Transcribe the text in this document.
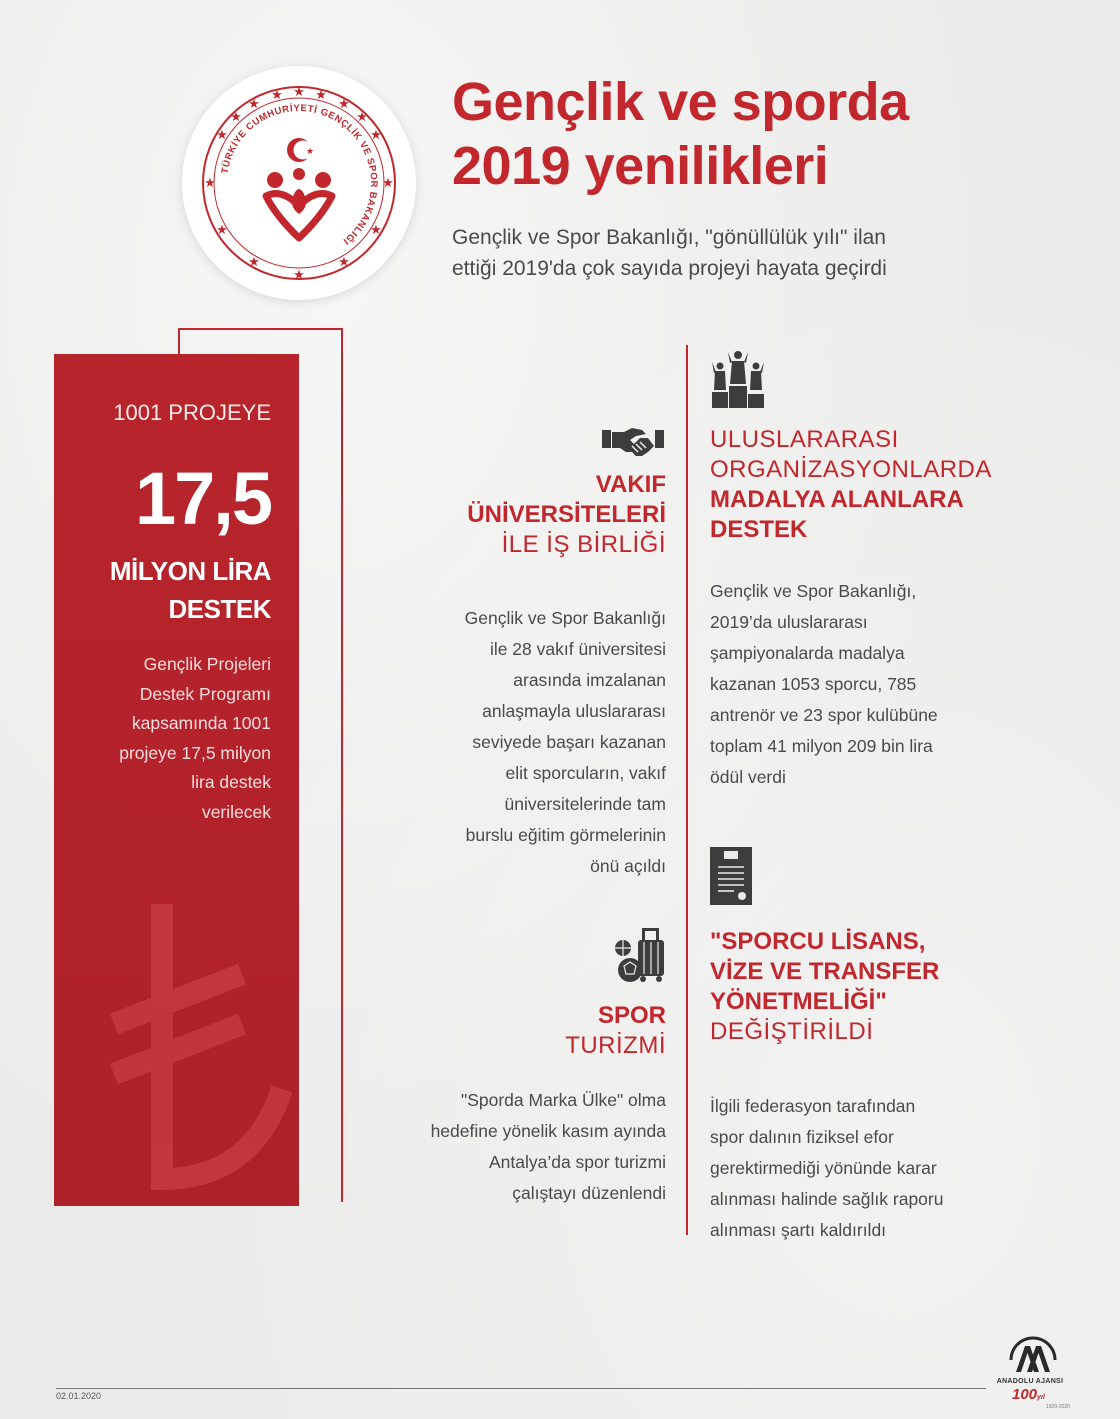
★
★
★
★
★
★
★
★
★
★
★
★
★
★
★
★
TÜRKİYE CUMHURİYETİ GENÇLİK VE SPOR BAKANLIĞI
★
Gençlik ve sporda
2019 yenilikleri
Gençlik ve Spor Bakanlığı, "gönüllülük yılı" ilan
ettiği 2019'da çok sayıda projeyi hayata geçirdi
1001 PROJEYE
17,5
MİLYON LİRA
DESTEK
Gençlik Projeleri
Destek Programı
kapsamında 1001
projeye 17,5 milyon
lira destek
verilecek
VAKIF
ÜNİVERSİTELERİ
İLE İŞ BİRLİĞİ
Gençlik ve Spor Bakanlığı
ile 28 vakıf üniversitesi
arasında imzalanan
anlaşmayla uluslararası
seviyede başarı kazanan
elit sporcuların, vakıf
üniversitelerinde tam
burslu eğitim görmelerinin
önü açıldı
ULUSLARARASI
ORGANİZASYONLARDA
MADALYA ALANLARA
DESTEK
Gençlik ve Spor Bakanlığı,
2019’da uluslararası
şampiyonalarda madalya
kazanan 1053 sporcu, 785
antrenör ve 23 spor kulübüne
toplam 41 milyon 209 bin lira
ödül verdi
SPOR
TURİZMİ
"Sporda Marka Ülke" olma
hedefine yönelik kasım ayında
Antalya’da spor turizmi
çalıştayı düzenlendi
"SPORCU LİSANS,
VİZE VE TRANSFER
YÖNETMELİĞİ"
DEĞİŞTİRİLDİ
İlgili federasyon tarafından
spor dalının fiziksel efor
gerektirmediği yönünde karar
alınması halinde sağlık raporu
alınması şartı kaldırıldı
02.01.2020
ANADOLU AJANSI
100yıl
1920-2020
